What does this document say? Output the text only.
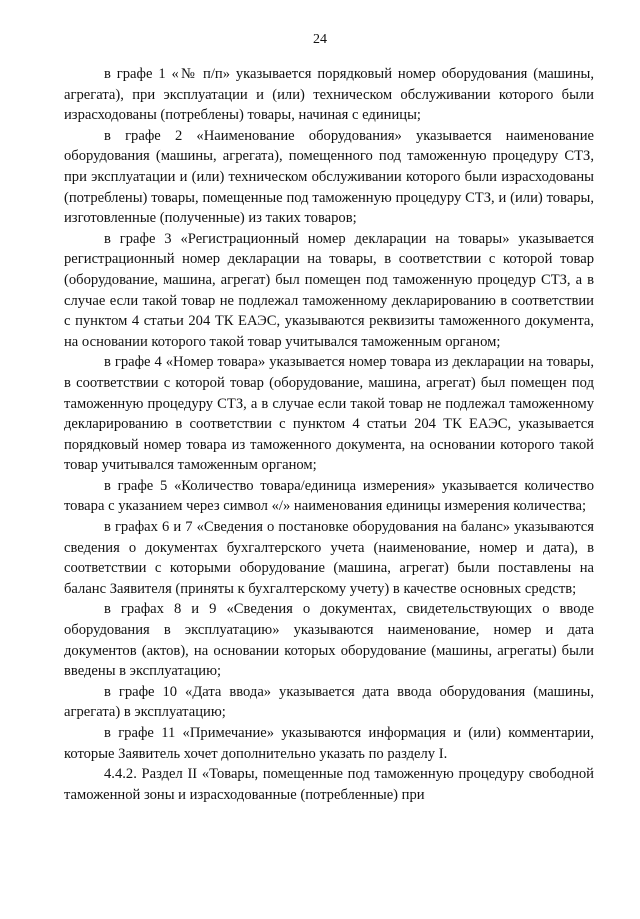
24

в графе 1 «№ п/п» указывается порядковый номер оборудования (машины, агрегата), при эксплуатации и (или) техническом обслуживании которого были израсходованы (потреблены) товары, начиная с единицы;

в графе 2 «Наименование оборудования» указывается наименование оборудования (машины, агрегата), помещенного под таможенную процедуру СТЗ, при эксплуатации и (или) техническом обслуживании которого были израсходованы (потреблены) товары, помещенные под таможенную процедуру СТЗ, и (или) товары, изготовленные (полученные) из таких товаров;

в графе 3 «Регистрационный номер декларации на товары» указывается регистрационный номер декларации на товары, в соответствии с которой товар (оборудование, машина, агрегат) был помещен под таможенную процедур СТЗ, а в случае если такой товар не подлежал таможенному декларированию в соответствии с пунктом 4 статьи 204 ТК ЕАЭС, указываются реквизиты таможенного документа, на основании которого такой товар учитывался таможенным органом;

в графе 4 «Номер товара» указывается номер товара из декларации на товары, в соответствии с которой товар (оборудование, машина, агрегат) был помещен под таможенную процедуру СТЗ, а в случае если такой товар не подлежал таможенному декларированию в соответствии с пунктом 4 статьи 204 ТК ЕАЭС, указывается порядковый номер товара из таможенного документа, на основании которого такой товар учитывался таможенным органом;

в графе 5 «Количество товара/единица измерения» указывается количество товара с указанием через символ «/» наименования единицы измерения количества;

в графах 6 и 7 «Сведения о постановке оборудования на баланс» указываются сведения о документах бухгалтерского учета (наименование, номер и дата), в соответствии с которыми оборудование (машина, агрегат) были поставлены на баланс Заявителя (приняты к бухгалтерскому учету) в качестве основных средств;

в графах 8 и 9 «Сведения о документах, свидетельствующих о вводе оборудования в эксплуатацию» указываются наименование, номер и дата документов (актов), на основании которых оборудование (машины, агрегаты) были введены в эксплуатацию;

в графе 10 «Дата ввода» указывается дата ввода оборудования (машины, агрегата) в эксплуатацию;

в графе 11 «Примечание» указываются информация и (или) комментарии, которые Заявитель хочет дополнительно указать по разделу I.

4.4.2. Раздел II «Товары, помещенные под таможенную процедуру свободной таможенной зоны и израсходованные (потребленные) при
